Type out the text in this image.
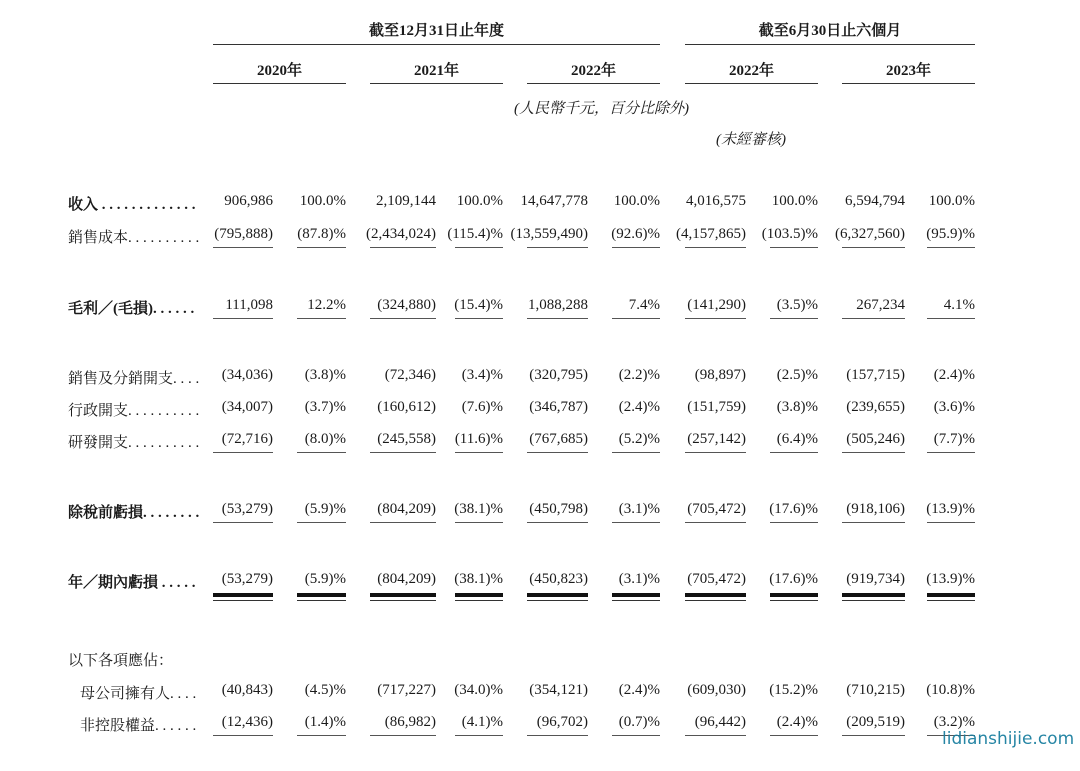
截至12月31日止年度	截至6月30日止六個月
2020年	2021年	2022年	2022年	2023年
(人民幣千元，百分比除外)
(未經審核)
收入 . . . . . . . . . . . . .	906,986	100.0%	2,109,144	100.0%	14,647,778	100.0%	4,016,575	100.0%	6,594,794	100.0%
銷售成本. . . . . . . . . . (795,888)	(87.8)%	(2,434,024) (115.4)% (13,559,490)	(92.6)%	(4,157,865)	(103.5)%	(6,327,560)	(95.9)%
毛利／(毛損). . . . . .	111,098	12.2%	(324,880)	(15.4)%	1,088,288	7.4%	(141,290)	(3.5)%	267,234	4.1%
銷售及分銷開支. . . .	(34,036)	(3.8)%	(72,346)	(3.4)%	(320,795)	(2.2)%	(98,897)	(2.5)%	(157,715)	(2.4)%
行政開支. . . . . . . . . .	(34,007)	(3.7)%	(160,612)	(7.6)%	(346,787)	(2.4)%	(151,759)	(3.8)%	(239,655)	(3.6)%
研發開支. . . . . . . . . .	(72,716)	(8.0)%	(245,558)	(11.6)%	(767,685)	(5.2)%	(257,142)	(6.4)%	(505,246)	(7.7)%
除稅前虧損. . . . . . . .	(53,279)	(5.9)%	(804,209)	(38.1)%	(450,798)	(3.1)%	(705,472)	(17.6)%	(918,106)	(13.9)%
年／期內虧損 . . . . .	(53,279)	(5.9)%	(804,209)	(38.1)%	(450,823)	(3.1)%	(705,472)	(17.6)%	(919,734)	(13.9)%
以下各項應佔：
母公司擁有人. . . .	(40,843)	(4.5)%	(717,227)	(34.0)%	(354,121)	(2.4)%	(609,030)	(15.2)%	(710,215)	(10.8)%
非控股權益. . . . . .	(12,436)	(1.4)%	(86,982)	(4.1)%	(96,702)	(0.7)%	(96,442)	(2.4)%	(209,519)	(3.2)%
lidianshijie.com
